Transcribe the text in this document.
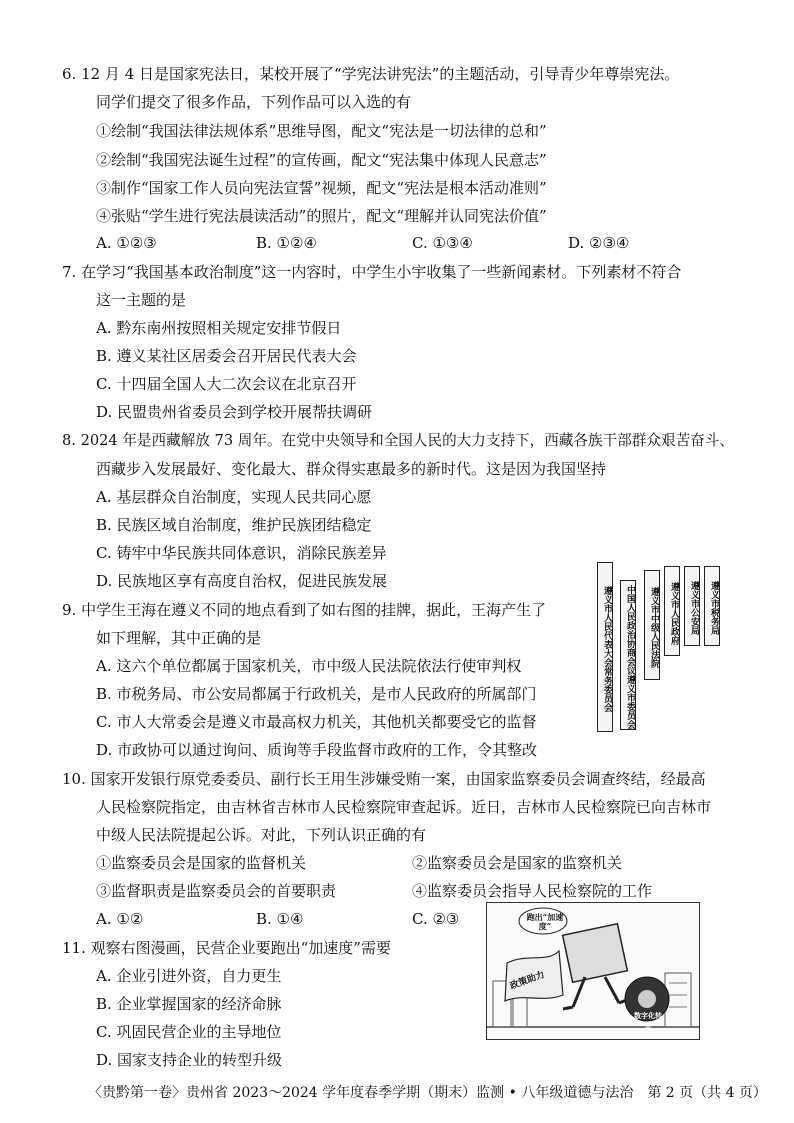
6. 12 月 4 日是国家宪法日，某校开展了“学宪法讲宪法”的主题活动，引导青少年尊崇宪法。
同学们提交了很多作品，下列作品可以入选的有
①绘制“我国法律法规体系”思维导图，配文“宪法是一切法律的总和”
②绘制“我国宪法诞生过程”的宣传画，配文“宪法集中体现人民意志”
③制作“国家工作人员向宪法宣誓”视频，配文“宪法是根本活动准则”
④张贴“学生进行宪法晨读活动”的照片，配文“理解并认同宪法价值”
A. ①②③	B. ①②④	C. ①③④	D. ②③④
7. 在学习“我国基本政治制度”这一内容时，中学生小宇收集了一些新闻素材。下列素材不符合
这一主题的是
A. 黔东南州按照相关规定安排节假日
B. 遵义某社区居委会召开居民代表大会
C. 十四届全国人大二次会议在北京召开
D. 民盟贵州省委员会到学校开展帮扶调研
8. 2024 年是西藏解放 73 周年。在党中央领导和全国人民的大力支持下，西藏各族干部群众艰苦奋斗、
西藏步入发展最好、变化最大、群众得实惠最多的新时代。这是因为我国坚持
A. 基层群众自治制度，实现人民共同心愿
B. 民族区域自治制度，维护民族团结稳定
C. 铸牢中华民族共同体意识，消除民族差异
D. 民族地区享有高度自治权，促进民族发展
9. 中学生王海在遵义不同的地点看到了如右图的挂牌，据此，王海产生了
如下理解，其中正确的是
A. 这六个单位都属于国家机关，市中级人民法院依法行使审判权
B. 市税务局、市公安局都属于行政机关，是市人民政府的所属部门
C. 市人大常委会是遵义市最高权力机关，其他机关都要受它的监督
D. 市政协可以通过询问、质询等手段监督市政府的工作，令其整改
遵义市人民代表大会常务委员会	中国人民政治协商会议遵义市委员会	遵义市中级人民法院	遵义市人民政府	遵义市公安局	遵义市税务局
10. 国家开发银行原党委委员、副行长王用生涉嫌受贿一案，由国家监察委员会调查终结，经最高
人民检察院指定，由吉林省吉林市人民检察院审查起诉。近日，吉林市人民检察院已向吉林市
中级人民法院提起公诉。对此，下列认识正确的有
①监察委员会是国家的监督机关	②监察委员会是国家的监察机关
③监督职责是监察委员会的首要职责	④监察委员会指导人民检察院的工作
A. ①②	B. ①④	C. ②③
11. 观察右图漫画，民营企业要跑出“加速度”需要
A. 企业引进外资，自力更生
B. 企业掌握国家的经济命脉
C. 巩固民营企业的主导地位
D. 国家支持企业的转型升级
跑出“加速度”
政策助力
数字化转型
〈贵黔第一卷〉贵州省 2023～2024 学年度春季学期（期末）监测 • 八年级道德与法治　第 2 页（共 4 页）
